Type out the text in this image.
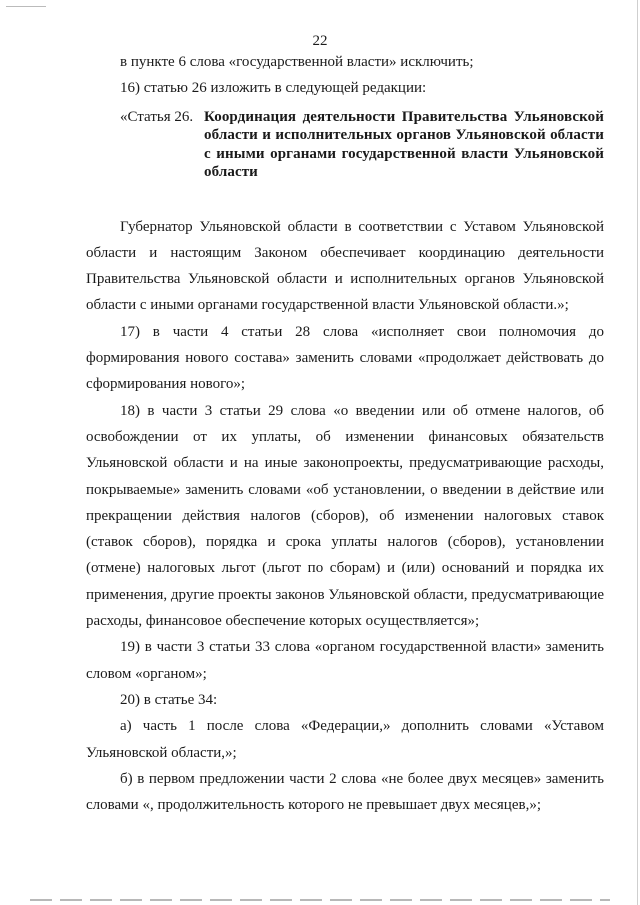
22

в пункте 6 слова «государственной власти» исключить;

16) статью 26 изложить в следующей редакции:

«Статья 26. Координация деятельности Правительства Ульяновской области и исполнительных органов Ульяновской области с иными органами государственной власти Ульяновской области

Губернатор Ульяновской области в соответствии с Уставом Ульяновской области и настоящим Законом обеспечивает координацию деятельности Правительства Ульяновской области и исполнительных органов Ульяновской области с иными органами государственной власти Ульяновской области.»;

17) в части 4 статьи 28 слова «исполняет свои полномочия до формирования нового состава» заменить словами «продолжает действовать до сформирования нового»;

18) в части 3 статьи 29 слова «о введении или об отмене налогов, об освобождении от их уплаты, об изменении финансовых обязательств Ульяновской области и на иные законопроекты, предусматривающие расходы, покрываемые» заменить словами «об установлении, о введении в действие или прекращении действия налогов (сборов), об изменении налоговых ставок (ставок сборов), порядка и срока уплаты налогов (сборов), установлении (отмене) налоговых льгот (льгот по сборам) и (или) оснований и порядка их применения, другие проекты законов Ульяновской области, предусматривающие расходы, финансовое обеспечение которых осуществляется»;

19) в части 3 статьи 33 слова «органом государственной власти» заменить словом «органом»;

20) в статье 34:

а) часть 1 после слова «Федерации,» дополнить словами «Уставом Ульяновской области,»;

б) в первом предложении части 2 слова «не более двух месяцев» заменить словами «, продолжительность которого не превышает двух месяцев,»;
